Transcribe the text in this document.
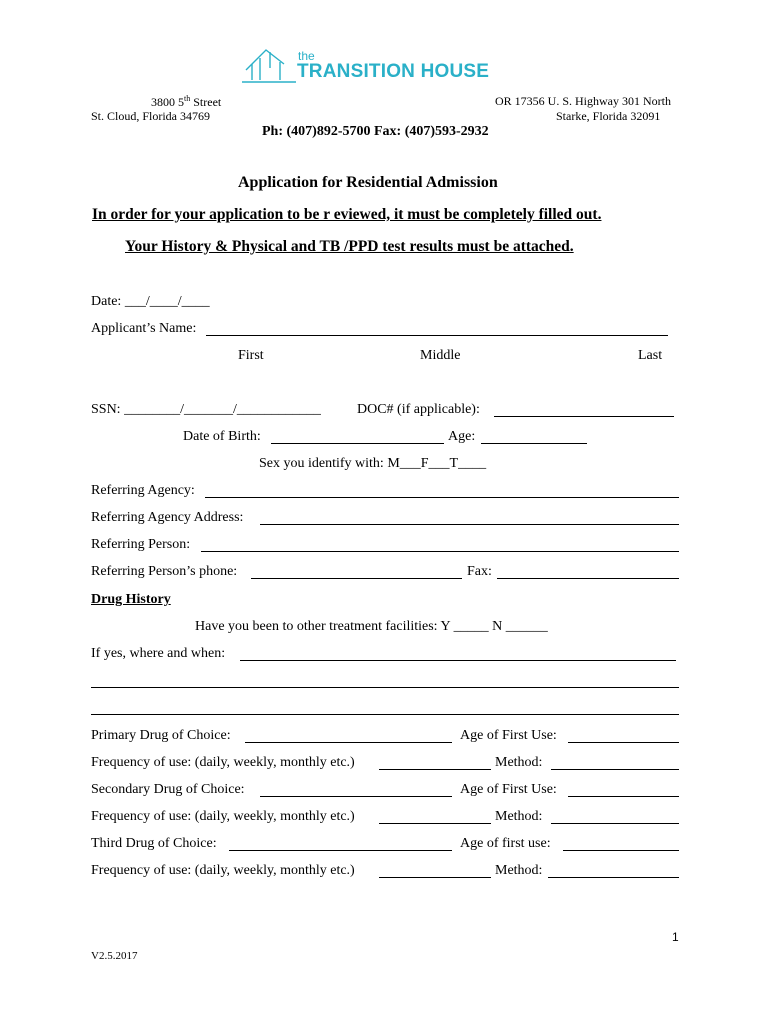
the
TRANSITION HOUSE
3800 5th Street
St. Cloud, Florida 34769
OR 17356 U. S. Highway 301 North
Starke, Florida 32091
Ph: (407)892-5700 Fax: (407)593-2932
Application for Residential Admission
In order for your application to be r eviewed, it must be completely filled out.
Your History & Physical and TB /PPD test results must be attached.
Date: ___/____/____
Applicant’s Name:
First	Middle	Last
SSN: ________/_______/____________	DOC# (if applicable):
Date of Birth:	Age:
Sex you identify with: M___F___T____
Referring Agency:
Referring Agency Address:
Referring Person:
Referring Person’s phone:	Fax:
Drug History
Have you been to other treatment facilities: Y _____ N ______
If yes, where and when:
Primary Drug of Choice:	Age of First Use:
Frequency of use: (daily, weekly, monthly etc.)	Method:
Secondary Drug of Choice:	Age of First Use:
Frequency of use: (daily, weekly, monthly etc.)	Method:
Third Drug of Choice:	Age of first use:
Frequency of use: (daily, weekly, monthly etc.)	Method:
1
V2.5.2017
